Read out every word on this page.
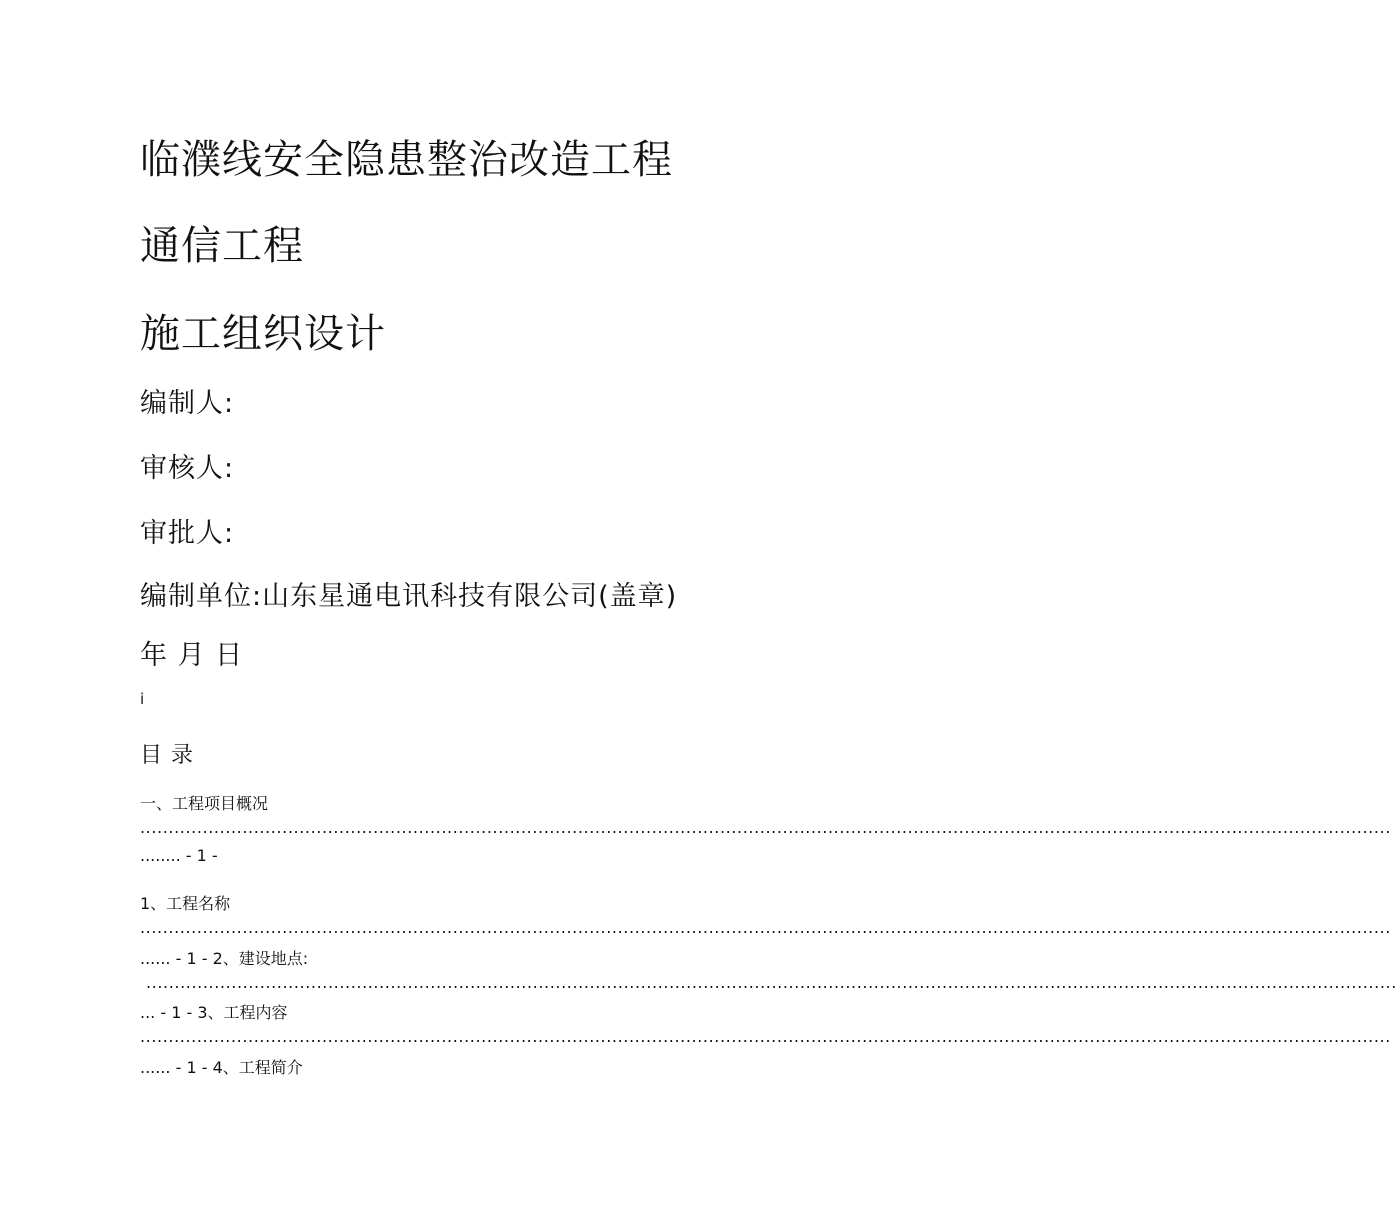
临濮线安全隐患整治改造工程
通信工程
施工组织设计
编制人:
审核人:
审批人:
编制单位:山东星通电讯科技有限公司(盖章)
年 月 日
i
目 录
一、工程项目概况
............................................................................................................................................................................................................................
........ - 1 -
1、工程名称
............................................................................................................................................................................................................................
...... - 1 - 2、建设地点:
............................................................................................................................................................................................................................
... - 1 - 3、工程内容
............................................................................................................................................................................................................................
...... - 1 - 4、工程简介
